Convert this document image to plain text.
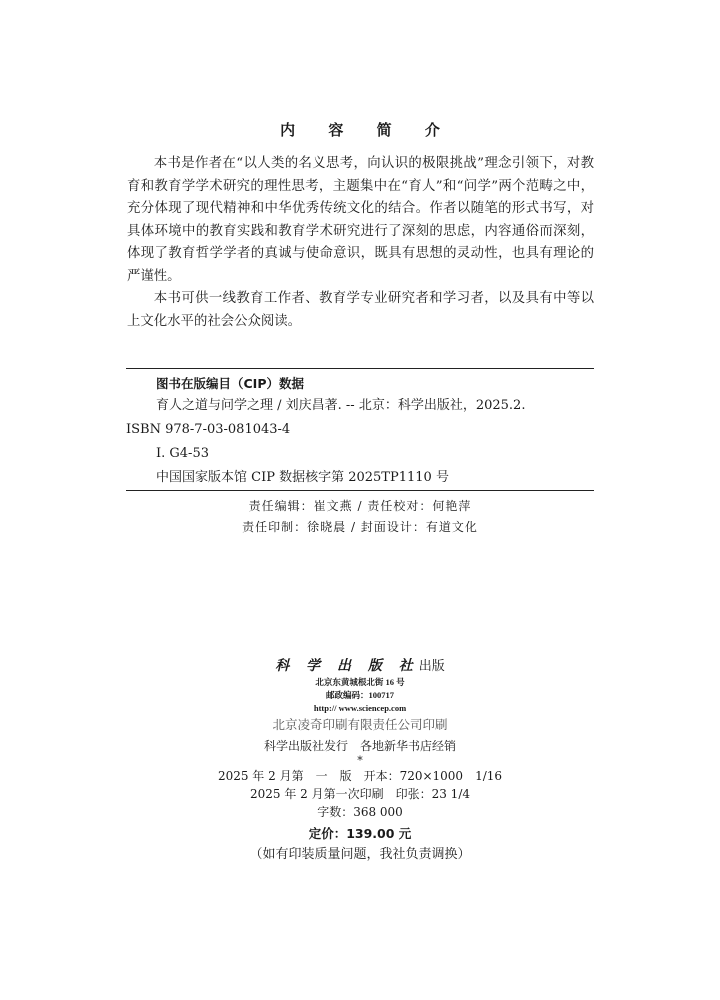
内 容 简 介

本书是作者在“以人类的名义思考，向认识的极限挑战”理念引领下，对教育和教育学学术研究的理性思考，主题集中在“育人”和“问学”两个范畴之中，充分体现了现代精神和中华优秀传统文化的结合。作者以随笔的形式书写，对具体环境中的教育实践和教育学术研究进行了深刻的思虑，内容通俗而深刻，体现了教育哲学学者的真诚与使命意识，既具有思想的灵动性，也具有理论的严谨性。

本书可供一线教育工作者、教育学专业研究者和学习者，以及具有中等以上文化水平的社会公众阅读。

图书在版编目（CIP）数据
育人之道与问学之理 / 刘庆昌著. -- 北京：科学出版社，2025.2.
ISBN 978-7-03-081043-4
Ⅰ. G4-53
中国国家版本馆 CIP 数据核字第 2025TP1110 号
责任编辑：崔文燕 / 责任校对：何艳萍
责任印制：徐晓晨 / 封面设计：有道文化
科 学 出 版 社出版
北京东黄城根北街 16 号
邮政编码：100717
http:// www.sciencep.com
北京凌奇印刷有限责任公司印刷
科学出版社发行　各地新华书店经销
*
2025 年 2 月第　一　版　开本：720×1000　1/16
2025 年 2 月第一次印刷　印张：23 1/4
字数：368 000
定价：139.00 元
（如有印装质量问题，我社负责调换）
